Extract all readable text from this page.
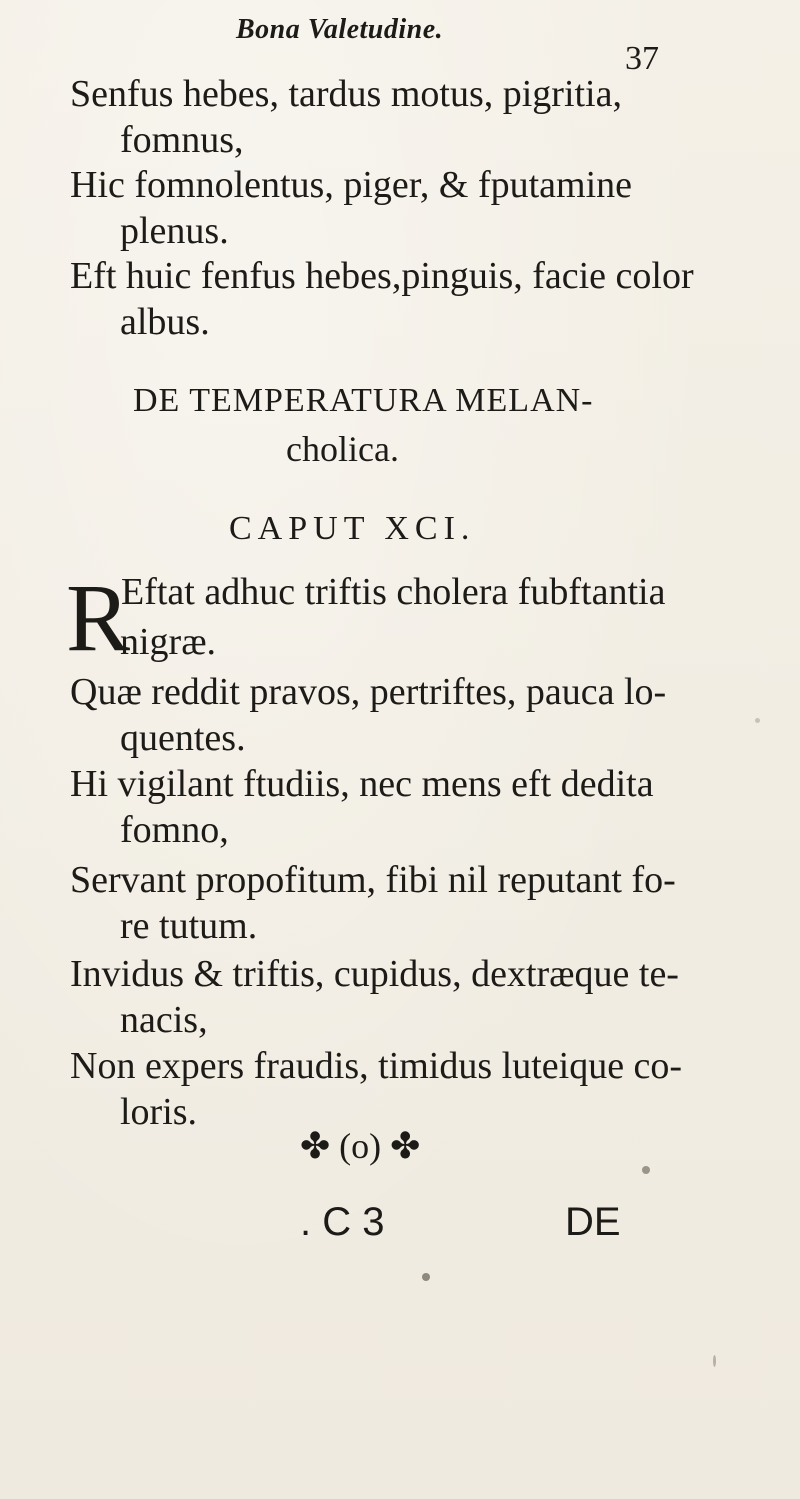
Bona Valetudine.
37
Senfus hebes, tardus motus, pigritia,
fomnus,
Hic fomnolentus, piger, & fputamine
plenus.
Eft huic fenfus hebes,pinguis, facie color
albus.
DE TEMPERATURA MELAN-
cholica.
CAPUT XCI.
R
Eftat adhuc triftis cholera fubftantia
nigræ.
Quæ reddit pravos, pertriftes, pauca lo-
quentes.
Hi vigilant ftudiis, nec mens eft dedita
fomno,
Servant propofitum, fibi nil reputant fo-
re tutum.
Invidus & triftis, cupidus, dextræque te-
nacis,
Non expers fraudis, timidus luteique co-
loris.
✤ (o) ✤
. C 3	DE
